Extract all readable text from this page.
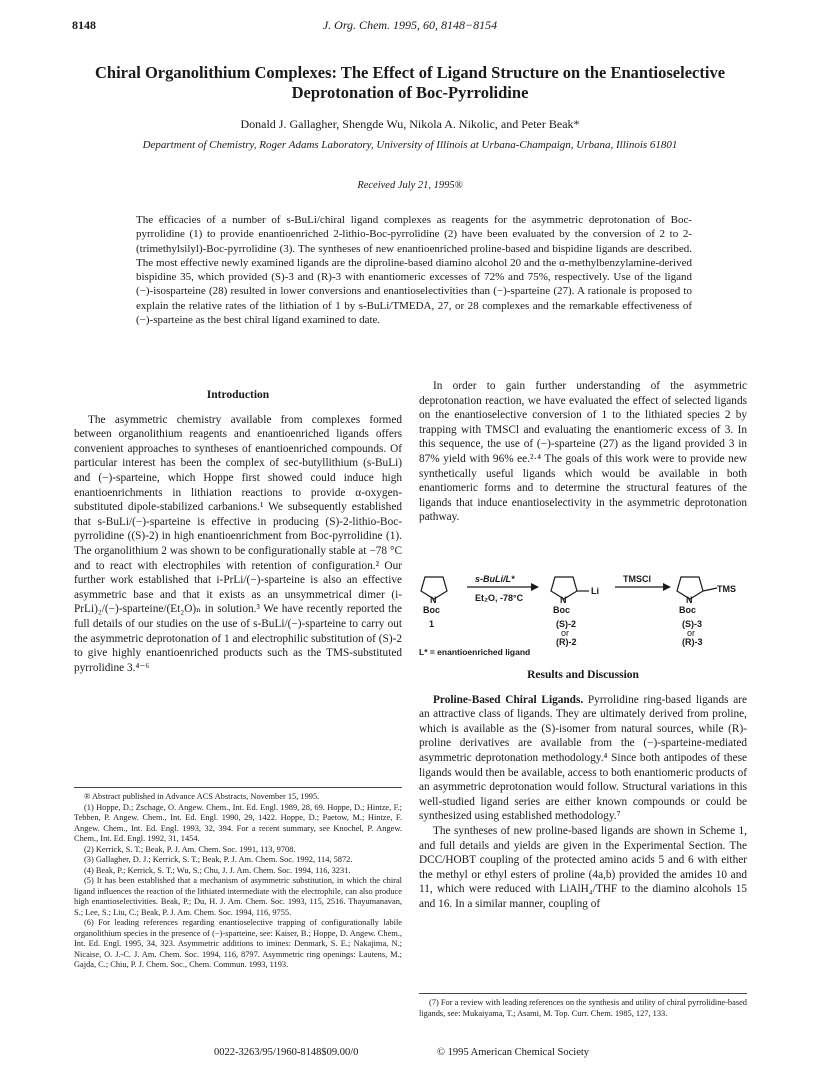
8148	J. Org. Chem. 1995, 60, 8148−8154
Chiral Organolithium Complexes: The Effect of Ligand Structure on the Enantioselective Deprotonation of Boc-Pyrrolidine
Donald J. Gallagher, Shengde Wu, Nikola A. Nikolic, and Peter Beak*
Department of Chemistry, Roger Adams Laboratory, University of Illinois at Urbana-Champaign, Urbana, Illinois 61801
Received July 21, 1995®
The efficacies of a number of s-BuLi/chiral ligand complexes as reagents for the asymmetric deprotonation of Boc-pyrrolidine (1) to provide enantioenriched 2-lithio-Boc-pyrrolidine (2) have been evaluated by the conversion of 2 to 2-(trimethylsilyl)-Boc-pyrrolidine (3). The syntheses of new enantioenriched proline-based and bispidine ligands are described. The most effective newly examined ligands are the diproline-based diamino alcohol 20 and the α-methylbenzylamine-derived bispidine 35, which provided (S)-3 and (R)-3 with enantiomeric excesses of 72% and 75%, respectively. Use of the ligand (−)-isosparteine (28) resulted in lower conversions and enantioselectivities than (−)-sparteine (27). A rationale is proposed to explain the relative rates of the lithiation of 1 by s-BuLi/TMEDA, 27, or 28 complexes and the remarkable effectiveness of (−)-sparteine as the best chiral ligand examined to date.

Introduction

The asymmetric chemistry available from complexes formed between organolithium reagents and enantioenriched ligands offers convenient approaches to syntheses of enantioenriched compounds. Of particular interest has been the complex of sec-butyllithium (s-BuLi) and (−)-sparteine, which Hoppe first showed could induce high enantioenrichments in lithiation reactions to provide α-oxygen-substituted dipole-stabilized carbanions.¹ We subsequently established that s-BuLi/(−)-sparteine is effective in producing (S)-2-lithio-Boc-pyrrolidine ((S)-2) in high enantioenrichment from Boc-pyrrolidine (1). The organolithium 2 was shown to be configurationally stable at −78 °C and to react with electrophiles with retention of configuration.² Our further work established that i-PrLi/(−)-sparteine is also an effective asymmetric base and that it exists as an unsymmetrical dimer (i-PrLi)₂/(−)-sparteine/(Et₂O)ₙ in solution.³ We have recently reported the full details of our studies on the use of s-BuLi/(−)-sparteine to carry out the asymmetric deprotonation of 1 and electrophilic substitution of (S)-2 to give highly enantioenriched products such as the TMS-substituted pyrrolidine 3.⁴⁻⁶

In order to gain further understanding of the asymmetric deprotonation reaction, we have evaluated the effect of selected ligands on the enantioselective conversion of 1 to the lithiated species 2 by trapping with TMSCl and evaluating the enantiomeric excess of 3. In this sequence, the use of (−)-sparteine (27) as the ligand provided 3 in 87% yield with 96% ee.²·⁴ The goals of this work were to provide new synthetically useful ligands which would be available in both enantiomeric forms and to determine the structural features of the ligands that induce enantioselectivity in the asymmetric deprotonation pathway.

N	N	N
Boc	Boc	Boc
Li	TMS
s-BuLi/L*
Et₂O, -78°C
TMSCl
1	(S)-2
or
(R)-2
(S)-3
or
(R)-3
L* = enantioenriched ligand

Results and Discussion

Proline-Based Chiral Ligands. Pyrrolidine ring-based ligands are an attractive class of ligands. They are ultimately derived from proline, which is available as the (S)-isomer from natural sources, while (R)-proline derivatives are available from the (−)-sparteine-mediated asymmetric deprotonation methodology.⁴ Since both antipodes of these ligands would then be available, access to both enantiomeric products of an asymmetric deprotonation would follow. Structural variations in this well-studied ligand series are either known compounds or could be synthesized using established methodology.⁷

The syntheses of new proline-based ligands are shown in Scheme 1, and full details and yields are given in the Experimental Section. The DCC/HOBT coupling of the protected amino acids 5 and 6 with either the methyl or ethyl esters of proline (4a,b) provided the amides 10 and 11, which were reduced with LiAlH₄/THF to the diamino alcohols 15 and 16. In a similar manner, coupling of

® Abstract published in Advance ACS Abstracts, November 15, 1995.
(1) Hoppe, D.; Zschage, O. Angew. Chem., Int. Ed. Engl. 1989, 28, 69. Hoppe, D.; Hintze, F.; Tebben, P. Angew. Chem., Int. Ed. Engl. 1990, 29, 1422. Hoppe, D.; Paetow, M.; Hintze, F. Angew. Chem., Int. Ed. Engl. 1993, 32, 394. For a recent summary, see Knochel, P. Angew. Chem., Int. Ed. Engl. 1992, 31, 1454.
(2) Kerrick, S. T.; Beak, P. J. Am. Chem. Soc. 1991, 113, 9708.
(3) Gallagher, D. J.; Kerrick, S. T.; Beak, P. J. Am. Chem. Soc. 1992, 114, 5872.
(4) Beak, P.; Kerrick, S. T.; Wu, S.; Chu, J. J. Am. Chem. Soc. 1994, 116, 3231.
(5) It has been established that a mechanism of asymmetric substitution, in which the chiral ligand influences the reaction of the lithiated intermediate with the electrophile, can also produce high enantioselectivities. Beak, P.; Du, H. J. Am. Chem. Soc. 1993, 115, 2516. Thayumanavan, S.; Lee, S.; Liu, C.; Beak, P. J. Am. Chem. Soc. 1994, 116, 9755.
(6) For leading references regarding enantioselective trapping of configurationally labile organolithium species in the presence of (−)-sparteine, see: Kaiser, B.; Hoppe, D. Angew. Chem., Int. Ed. Engl. 1995, 34, 323. Asymmetric additions to imines: Denmark, S. E.; Nakajima, N.; Nicaise, O. J.-C. J. Am. Chem. Soc. 1994, 116, 8797. Asymmetric ring openings: Lautens, M.; Gajda, C.; Chiu, P. J. Chem. Soc., Chem. Commun. 1993, 1193.
(7) For a review with leading references on the synthesis and utility of chiral pyrrolidine-based ligands, see: Mukaiyama, T.; Asami, M. Top. Curr. Chem. 1985, 127, 133.
0022-3263/95/1960-8148$09.00/0	© 1995 American Chemical Society
